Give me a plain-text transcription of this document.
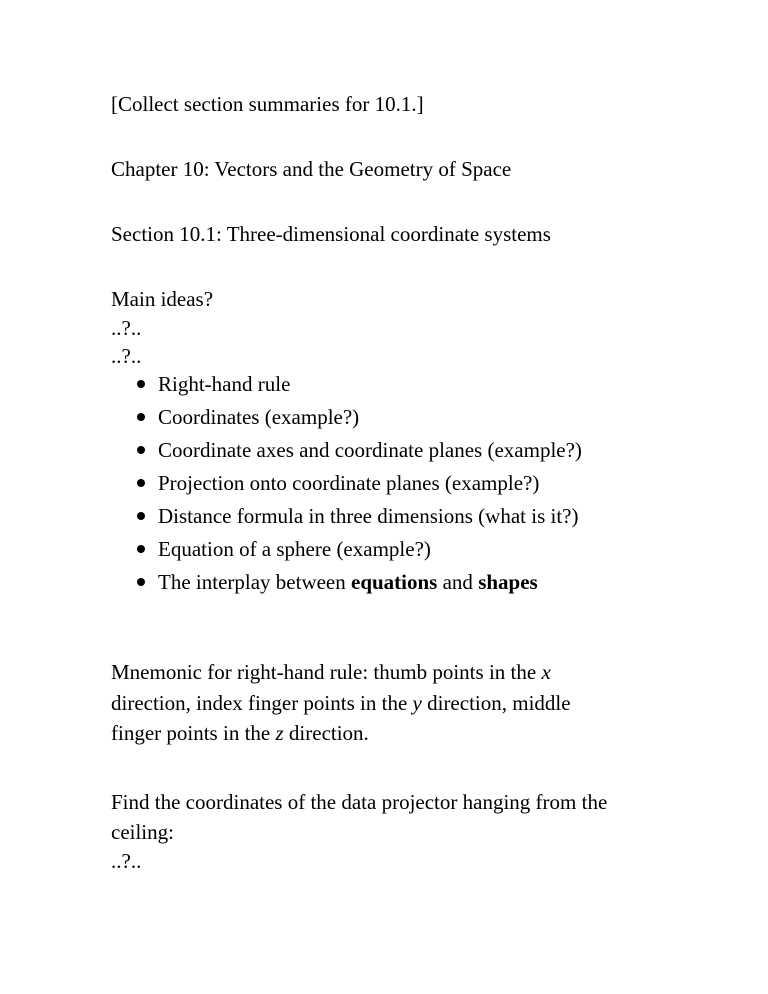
[Collect section summaries for 10.1.]
Chapter 10: Vectors and the Geometry of Space
Section 10.1: Three-dimensional coordinate systems
Main ideas?
..?..
..?..
Right-hand rule
Coordinates (example?)
Coordinate axes and coordinate planes (example?)
Projection onto coordinate planes (example?)
Distance formula in three dimensions (what is it?)
Equation of a sphere (example?)
The interplay between equations and shapes
Mnemonic for right-hand rule: thumb points in the x
direction, index finger points in the y direction, middle
finger points in the z direction.
Find the coordinates of the data projector hanging from the
ceiling:
..?..
